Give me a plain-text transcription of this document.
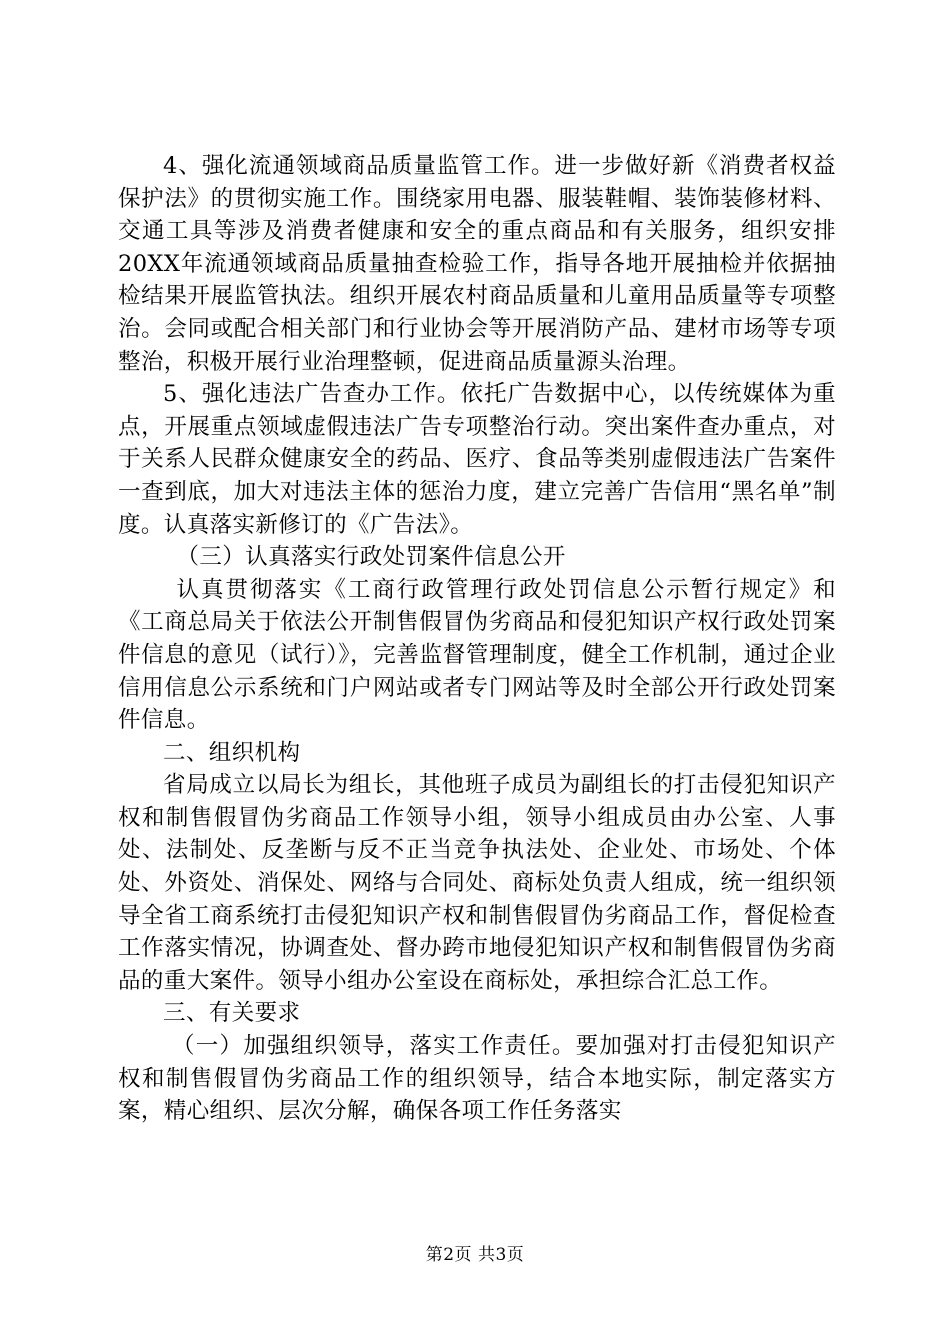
4、强化流通领域商品质量监管工作。进一步做好新《消费者权益保护法》的贯彻实施工作。围绕家用电器、服装鞋帽、装饰装修材料、交通工具等涉及消费者健康和安全的重点商品和有关服务，组织安排20XX年流通领域商品质量抽查检验工作，指导各地开展抽检并依据抽检结果开展监管执法。组织开展农村商品质量和儿童用品质量等专项整治。会同或配合相关部门和行业协会等开展消防产品、建材市场等专项整治，积极开展行业治理整顿，促进商品质量源头治理。

5、强化违法广告查办工作。依托广告数据中心，以传统媒体为重点，开展重点领域虚假违法广告专项整治行动。突出案件查办重点，对于关系人民群众健康安全的药品、医疗、食品等类别虚假违法广告案件一查到底，加大对违法主体的惩治力度，建立完善广告信用“黑名单”制度。认真落实新修订的《广告法》。

（三）认真落实行政处罚案件信息公开

认真贯彻落实《工商行政管理行政处罚信息公示暂行规定》和《工商总局关于依法公开制售假冒伪劣商品和侵犯知识产权行政处罚案件信息的意见（试行）》，完善监督管理制度，健全工作机制，通过企业信用信息公示系统和门户网站或者专门网站等及时全部公开行政处罚案件信息。

二、组织机构

省局成立以局长为组长，其他班子成员为副组长的打击侵犯知识产权和制售假冒伪劣商品工作领导小组，领导小组成员由办公室、人事处、法制处、反垄断与反不正当竞争执法处、企业处、市场处、个体处、外资处、消保处、网络与合同处、商标处负责人组成，统一组织领导全省工商系统打击侵犯知识产权和制售假冒伪劣商品工作，督促检查工作落实情况，协调查处、督办跨市地侵犯知识产权和制售假冒伪劣商品的重大案件。领导小组办公室设在商标处，承担综合汇总工作。

三、有关要求

（一）加强组织领导，落实工作责任。要加强对打击侵犯知识产权和制售假冒伪劣商品工作的组织领导，结合本地实际，制定落实方案，精心组织、层次分解，确保各项工作任务落实

第2页 共3页
